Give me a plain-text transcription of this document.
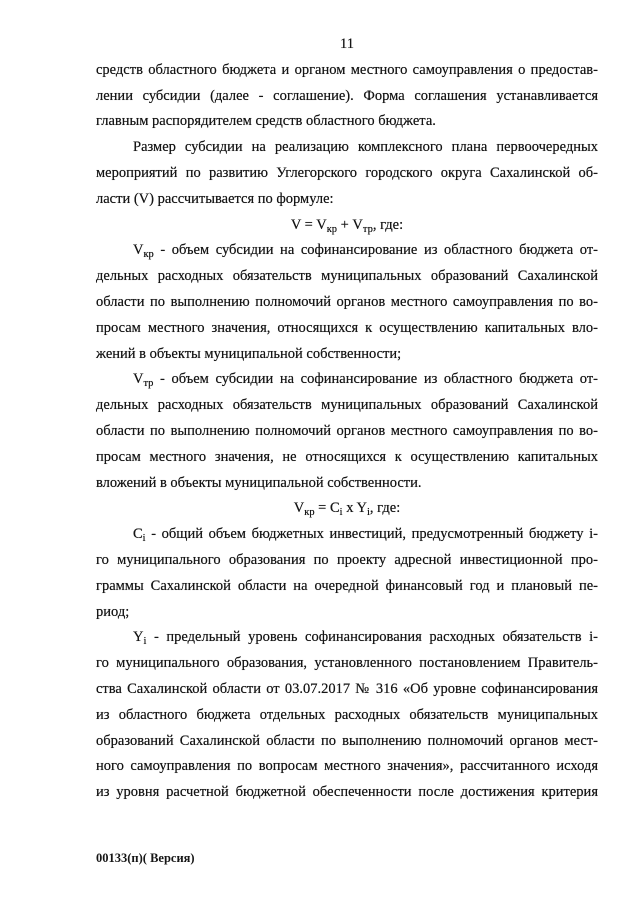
11
средств областного бюджета и органом местного самоуправления о предостав-
лении субсидии (далее - соглашение). Форма соглашения устанавливается
главным распорядителем средств областного бюджета.
Размер субсидии на реализацию комплексного плана первоочередных
мероприятий по развитию Углегорского городского округа Сахалинской об-
ласти (V) рассчитывается по формуле:
$V = V_{кр} + V_{тр}$, где:
$V_{кр}$ - объем субсидии на софинансирование из областного бюджета от-
дельных расходных обязательств муниципальных образований Сахалинской
области по выполнению полномочий органов местного самоуправления по во-
просам местного значения, относящихся к осуществлению капитальных вло-
жений в объекты муниципальной собственности;
$V_{тр}$ - объем субсидии на софинансирование из областного бюджета от-
дельных расходных обязательств муниципальных образований Сахалинской
области по выполнению полномочий органов местного самоуправления по во-
просам местного значения, не относящихся к осуществлению капитальных
вложений в объекты муниципальной собственности.
$V_{кр} = C_i$ x $Y_i$, где:
$C_i$ - общий объем бюджетных инвестиций, предусмотренный бюджету i-
го муниципального образования по проекту адресной инвестиционной про-
граммы Сахалинской области на очередной финансовый год и плановый пе-
риод;
$Y_i$ - предельный уровень софинансирования расходных обязательств i-
го муниципального образования, установленного постановлением Правитель-
ства Сахалинской области от 03.07.2017 № 316 «Об уровне софинансирования
из областного бюджета отдельных расходных обязательств муниципальных
образований Сахалинской области по выполнению полномочий органов мест-
ного самоуправления по вопросам местного значения», рассчитанного исходя
из уровня расчетной бюджетной обеспеченности после достижения критерия
00133(п)( Версия)
